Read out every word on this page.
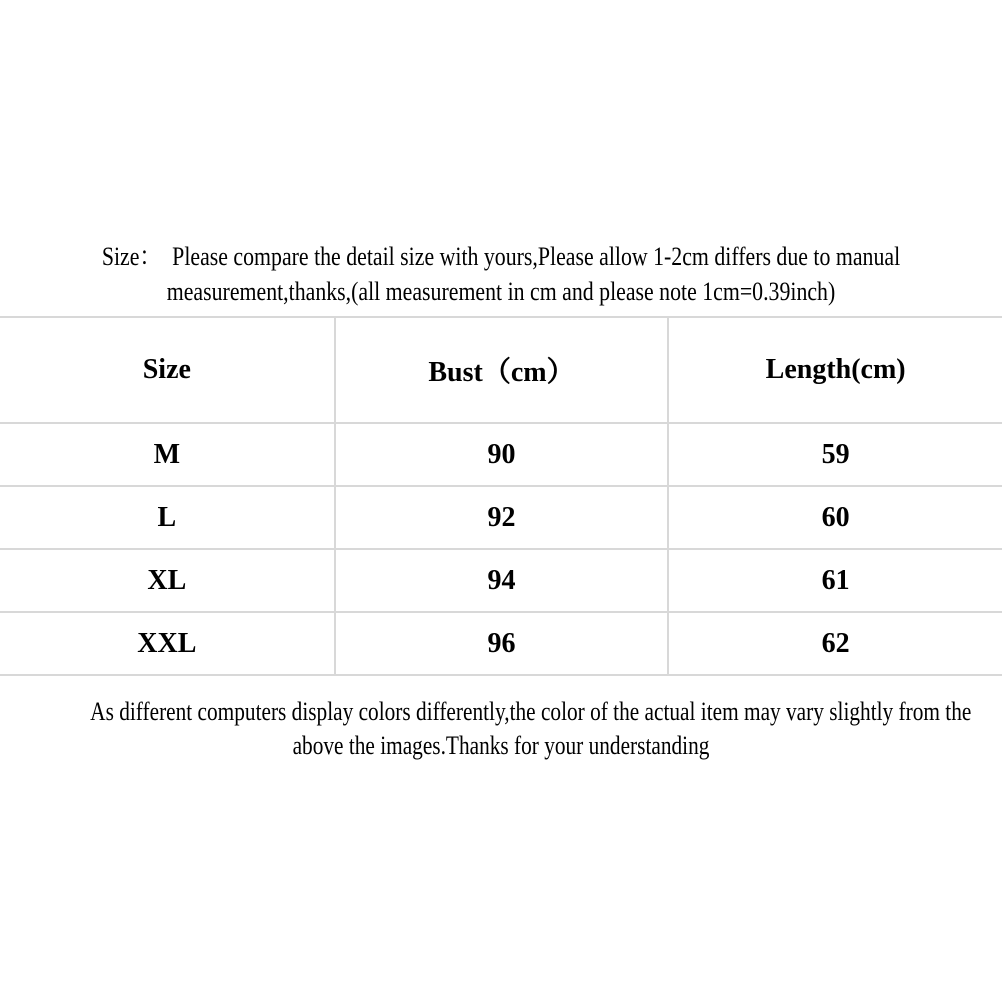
Size：  Please compare the detail size with yours,Please allow 1-2cm differs due to manual
measurement,thanks,(all measurement in cm and please note 1cm=0.39inch)
Size	Bust（cm）	Length(cm)
M	90	59
L	92	60
XL	94	61
XXL	96	62
As different computers display colors differently,the color of the actual item may vary slightly from the
above the images.Thanks for your understanding
